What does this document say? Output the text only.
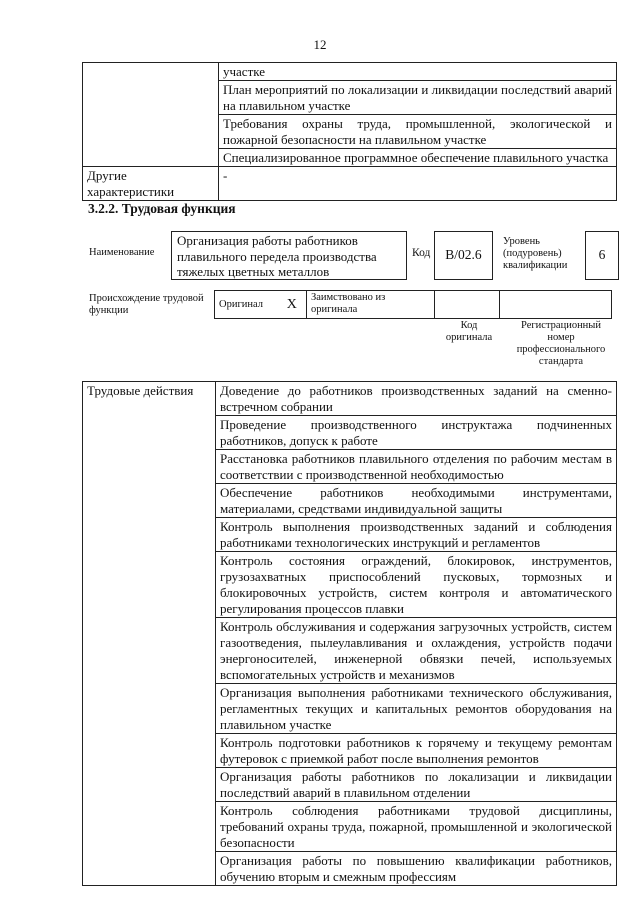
12
	участке
	План мероприятий по локализации и ликвидации последствий аварий на плавильном участке
	Требования охраны труда, промышленной, экологической и пожарной безопасности на плавильном участке
	Специализированное программное обеспечение плавильного участка
Другие характеристики	-
3.2.2. Трудовая функция
Наименование
Организация работы работников плавильного передела производства тяжелых цветных металлов
Код	B/02.6
Уровень (подуровень) квалификации
6
Происхождение трудовой функции
Оригинал	X	Заимствовано из оригинала		
Код оригинала
Регистрационный номер профессионального стандарта
Трудовые действия	Доведение до работников производственных заданий на сменно-встречном собрании
Проведение производственного инструктажа подчиненных работников, допуск к работе
Расстановка работников плавильного отделения по рабочим местам в соответствии с производственной необходимостью
Обеспечение работников необходимыми инструментами, материалами, средствами индивидуальной защиты
Контроль выполнения производственных заданий и соблюдения работниками технологических инструкций и регламентов
Контроль состояния ограждений, блокировок, инструментов, грузозахватных приспособлений пусковых, тормозных и блокировочных устройств, систем контроля и автоматического регулирования процессов плавки
Контроль обслуживания и содержания загрузочных устройств, систем газоотведения, пылеулавливания и охлаждения, устройств подачи энергоносителей, инженерной обвязки печей, используемых вспомогательных устройств и механизмов
Организация выполнения работниками технического обслуживания, регламентных текущих и капитальных ремонтов оборудования на плавильном участке
Контроль подготовки работников к горячему и текущему ремонтам футеровок с приемкой работ после выполнения ремонтов
Организация работы работников по локализации и ликвидации последствий аварий в плавильном отделении
Контроль соблюдения работниками трудовой дисциплины, требований охраны труда, пожарной, промышленной и экологической безопасности
Организация работы по повышению квалификации работников, обучению вторым и смежным профессиям
